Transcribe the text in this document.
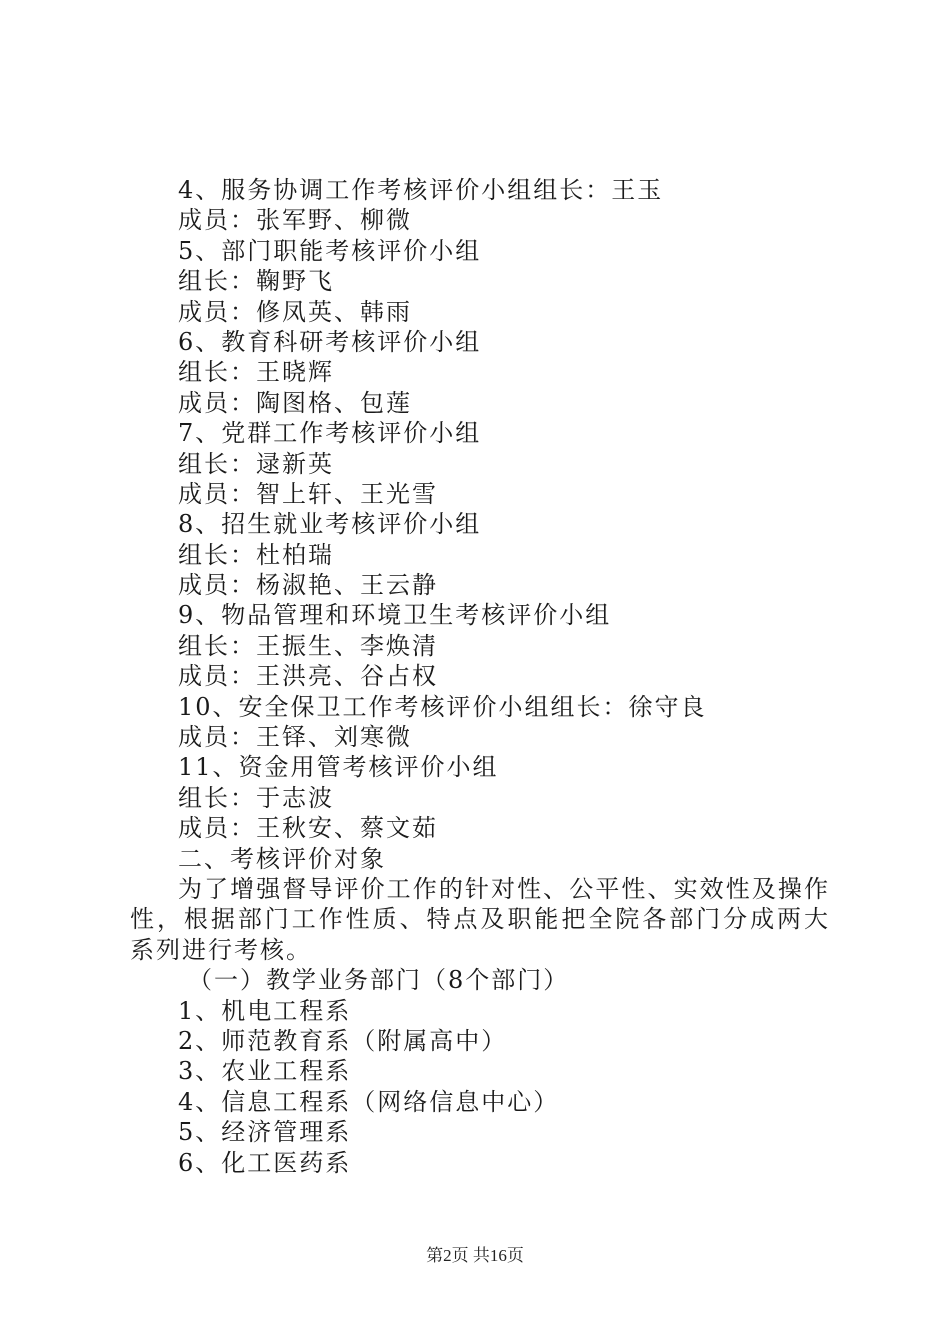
4、服务协调工作考核评价小组组长：王玉
成员：张军野、柳微
5、部门职能考核评价小组
组长：鞠野飞
成员：修凤英、韩雨
6、教育科研考核评价小组
组长：王晓辉
成员：陶图格、包莲
7、党群工作考核评价小组
组长：逯新英
成员：智上轩、王光雪
8、招生就业考核评价小组
组长：杜柏瑞
成员：杨淑艳、王云静
9、物品管理和环境卫生考核评价小组
组长：王振生、李焕清
成员：王洪亮、谷占权
10、安全保卫工作考核评价小组组长：徐守良
成员：王铎、刘寒微
11、资金用管考核评价小组
组长：于志波
成员：王秋安、蔡文茹
二、考核评价对象
为了增强督导评价工作的针对性、公平性、实效性及操作性，根据部门工作性质、特点及职能把全院各部门分成两大系列进行考核。
（一）教学业务部门（8个部门）
1、机电工程系
2、师范教育系（附属高中）
3、农业工程系
4、信息工程系（网络信息中心）
5、经济管理系
6、化工医药系
第2页 共16页
